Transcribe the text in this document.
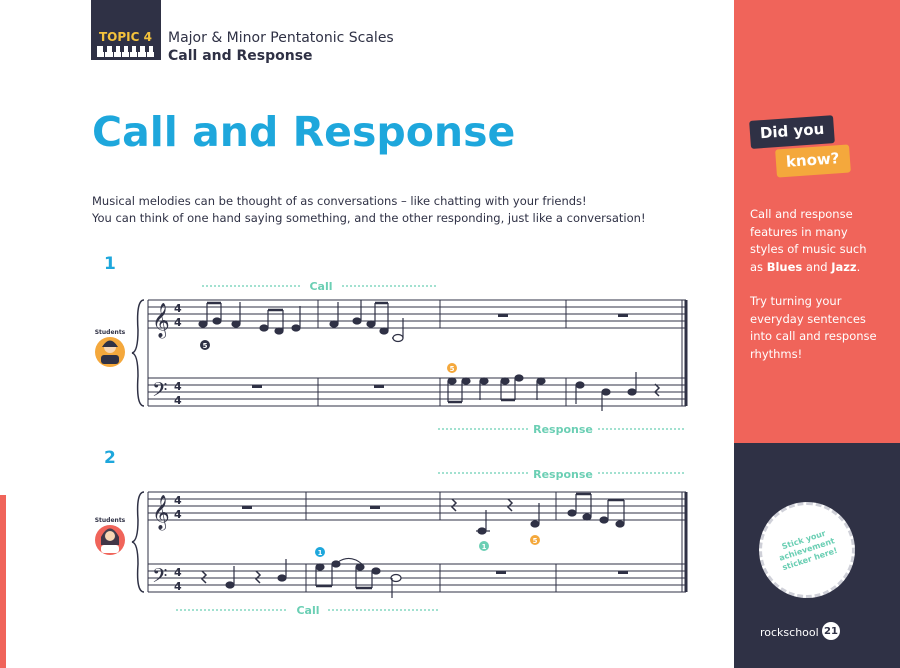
TOPIC 4 Major & Minor Pentatonic Scales
Call and Response
Call and Response
Musical melodies can be thought of as conversations – like chatting with your friends!
You can think of one hand saying something, and the other responding, just like a conversation!
1
2
Call
𝄞
𝄢
4
4
4
4
Response
5
5
Students
Response
𝄞
𝄢
4
4
4
4
Call
1
1
5
Students
Did you
know?

Call and response features in many styles of music such as Blues and Jazz.

Try turning your everyday sentences into call and response rhythms!

Stick your achievement sticker here!
rockschool 21
